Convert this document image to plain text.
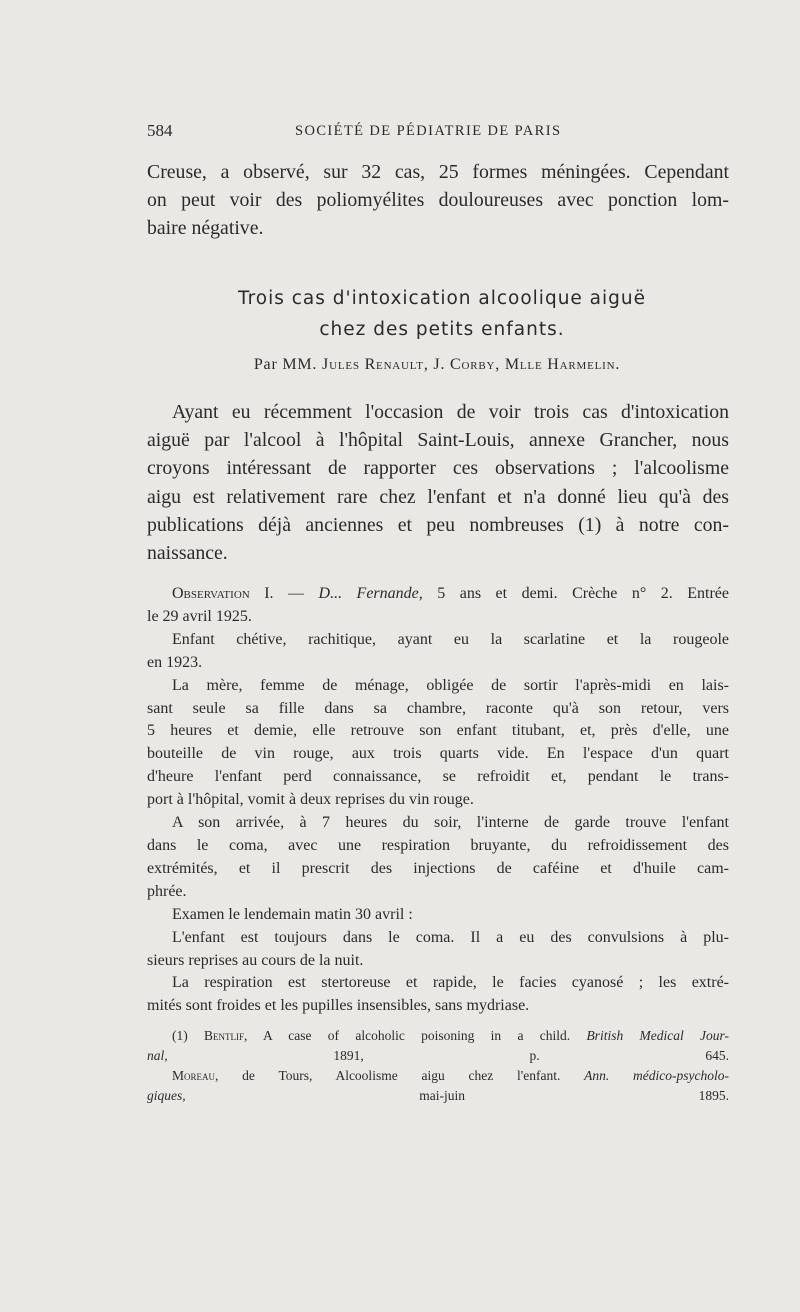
584	SOCIÉTÉ DE PÉDIATRIE DE PARIS

Creuse, a observé, sur 32 cas, 25 formes méningées. Cependant

on peut voir des poliomyélites douloureuses avec ponction lom-

baire négative.

Trois cas d'intoxication alcoolique aiguë
chez des petits enfants.
Par MM. Jules Renault, J. Corby, Mlle Harmelin.

Ayant eu récemment l'occasion de voir trois cas d'intoxication

aiguë par l'alcool à l'hôpital Saint-Louis, annexe Grancher, nous

croyons intéressant de rapporter ces observations ; l'alcoolisme

aigu est relativement rare chez l'enfant et n'a donné lieu qu'à des

publications déjà anciennes et peu nombreuses (1) à notre con-

naissance.

Observation I. — D... Fernande, 5 ans et demi. Crèche n° 2. Entrée

le 29 avril 1925.

Enfant chétive, rachitique, ayant eu la scarlatine et la rougeole

en 1923.

La mère, femme de ménage, obligée de sortir l'après-midi en lais-

sant seule sa fille dans sa chambre, raconte qu'à son retour, vers

5 heures et demie, elle retrouve son enfant titubant, et, près d'elle, une

bouteille de vin rouge, aux trois quarts vide. En l'espace d'un quart

d'heure l'enfant perd connaissance, se refroidit et, pendant le trans-

port à l'hôpital, vomit à deux reprises du vin rouge.

A son arrivée, à 7 heures du soir, l'interne de garde trouve l'enfant

dans le coma, avec une respiration bruyante, du refroidissement des

extrémités, et il prescrit des injections de caféine et d'huile cam-

phrée.

Examen le lendemain matin 30 avril :

L'enfant est toujours dans le coma. Il a eu des convulsions à plu-

sieurs reprises au cours de la nuit.

La respiration est stertoreuse et rapide, le facies cyanosé ; les extré-

mités sont froides et les pupilles insensibles, sans mydriase.

(1) Bentlif, A case of alcoholic poisoning in a child. British Medical Jour-

nal, 1891, p. 645.

Moreau, de Tours, Alcoolisme aigu chez l'enfant. Ann. médico-psycholo-

giques, mai-juin 1895.
